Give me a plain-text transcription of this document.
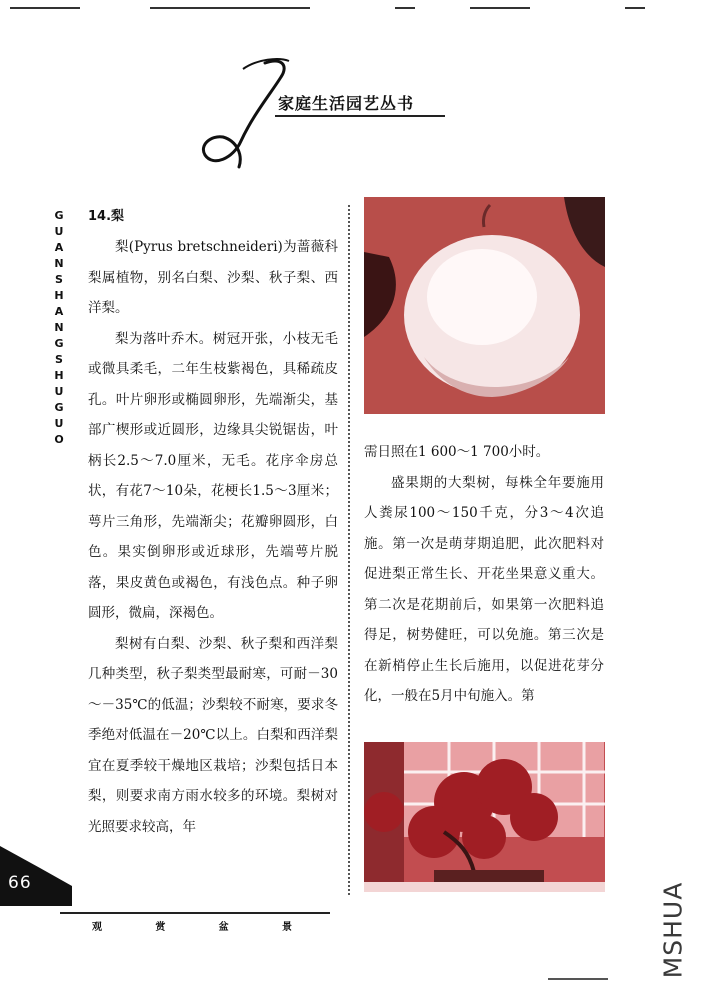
家庭生活园艺丛书
G
U
A
N
S
H
A
N
G
S
H
U
G
U
O

14.梨

梨(Pyrus bretschneideri)为蔷薇科梨属植物，别名白梨、沙梨、秋子梨、西洋梨。

梨为落叶乔木。树冠开张，小枝无毛或微具柔毛，二年生枝紫褐色，具稀疏皮孔。叶片卵形或椭圆卵形，先端渐尖，基部广楔形或近圆形，边缘具尖锐锯齿，叶柄长2.5～7.0厘米，无毛。花序伞房总状，有花7～10朵，花梗长1.5～3厘米；萼片三角形，先端渐尖；花瓣卵圆形，白色。果实倒卵形或近球形，先端萼片脱落，果皮黄色或褐色，有浅色点。种子卵圆形，微扁，深褐色。

梨树有白梨、沙梨、秋子梨和西洋梨几种类型，秋子梨类型最耐寒，可耐－30～－35℃的低温；沙梨较不耐寒，要求冬季绝对低温在－20℃以上。白梨和西洋梨宜在夏季较干燥地区栽培；沙梨包括日本梨，则要求南方雨水较多的环境。梨树对光照要求较高，年

需日照在1 600～1 700小时。

盛果期的大梨树，每株全年要施用人粪尿100～150千克，分3～4次追施。第一次是萌芽期追肥，此次肥料对促进梨正常生长、开花坐果意义重大。第二次是花期前后，如果第一次肥料追得足，树势健旺，可以免施。第三次是在新梢停止生长后施用，以促进花芽分化，一般在5月中旬施入。第

66
观	赏	盆	景	MSHUA
